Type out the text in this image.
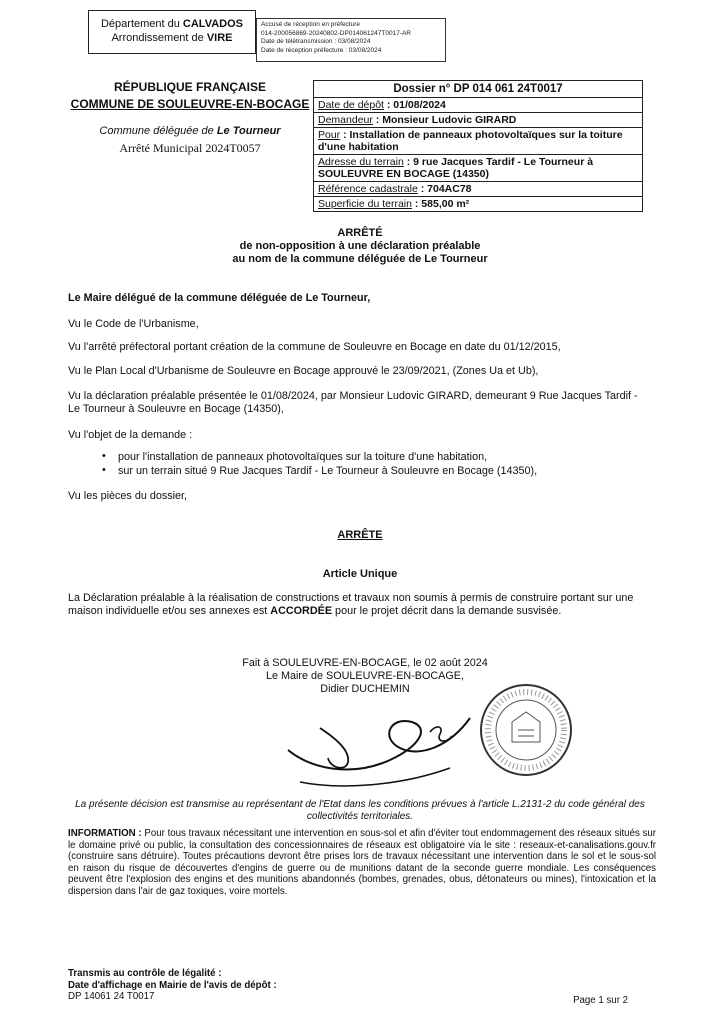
Département du CALVADOS
Arrondissement de VIRE
Accusé de réception en préfecture
014-200056869-20240802-DP014061247T0017-AR
Date de télétransmission : 03/08/2024
Date de réception préfecture : 03/08/2024
RÉPUBLIQUE FRANÇAISE
COMMUNE DE SOULEUVRE-EN-BOCAGE
Commune déléguée de Le Tourneur
Arrêté Municipal 2024T0057
Dossier n° DP 014 061 24T0017
Date de dépôt : 01/08/2024
Demandeur : Monsieur Ludovic GIRARD
Pour : Installation de panneaux photovoltaïques sur la toiture d'une habitation
Adresse du terrain : 9 rue Jacques Tardif - Le Tourneur à SOULEUVRE EN BOCAGE (14350)
Référence cadastrale : 704AC78
Superficie du terrain : 585,00 m²
ARRÊTÉ
de non-opposition à une déclaration préalable
au nom de la commune déléguée de Le Tourneur
Le Maire délégué de la commune déléguée de Le Tourneur,
Vu le Code de l'Urbanisme,
Vu l'arrêté préfectoral portant création de la commune de Souleuvre en Bocage en date du 01/12/2015,
Vu le Plan Local d'Urbanisme de Souleuvre en Bocage approuvé le 23/09/2021, (Zones Ua et Ub),
Vu la déclaration préalable présentée le 01/08/2024, par Monsieur Ludovic GIRARD, demeurant 9 Rue Jacques Tardif - Le Tourneur à Souleuvre en Bocage (14350),
Vu l'objet de la demande :
• pour l'installation de panneaux photovoltaïques sur la toiture d'une habitation,
• sur un terrain situé 9 Rue Jacques Tardif - Le Tourneur à Souleuvre en Bocage (14350),
Vu les pièces du dossier,
ARRÊTE
Article Unique
La Déclaration préalable à la réalisation de constructions et travaux non soumis à permis de construire portant sur une maison individuelle et/ou ses annexes est ACCORDÉE pour le projet décrit dans la demande susvisée.
Fait à SOULEUVRE-EN-BOCAGE, le 02 août 2024
Le Maire de SOULEUVRE-EN-BOCAGE,
Didier DUCHEMIN
La présente décision est transmise au représentant de l'Etat dans les conditions prévues à l'article L.2131-2 du code général des collectivités territoriales.
INFORMATION : Pour tous travaux nécessitant une intervention en sous-sol et afin d'éviter tout endommagement des réseaux situés sur le domaine privé ou public, la consultation des concessionnaires de réseaux est obligatoire via le site : reseaux-et-canalisations.gouv.fr (construire sans détruire). Toutes précautions devront être prises lors de travaux nécessitant une intervention dans le sol et le sous-sol en raison du risque de découvertes d'engins de guerre ou de munitions datant de la seconde guerre mondiale. Les conséquences peuvent être l'explosion des engins et des munitions abandonnés (bombes, grenades, obus, détonateurs ou mines), l'intoxication et la dispersion dans l'air de gaz toxiques, voire mortels.
Transmis au contrôle de légalité :
Date d'affichage en Mairie de l'avis de dépôt :
DP 14061 24 T0017	Page 1 sur 2
